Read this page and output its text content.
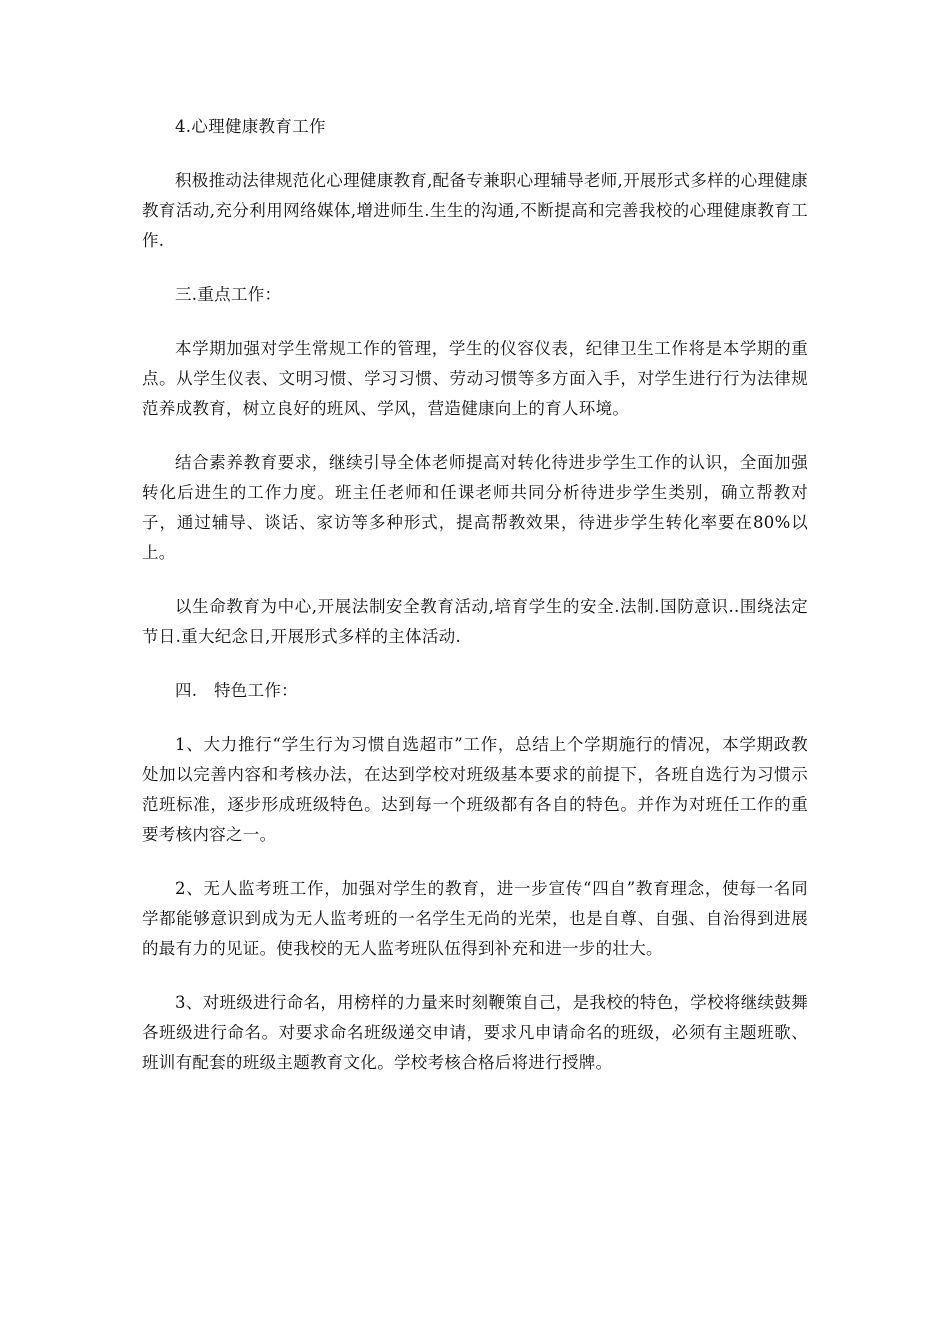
4.心理健康教育工作

积极推动法律规范化心理健康教育,配备专兼职心理辅导老师,开展形式多样的心理健康教育活动,充分利用网络媒体,增进师生.生生的沟通,不断提高和完善我校的心理健康教育工作.

三.重点工作：

本学期加强对学生常规工作的管理，学生的仪容仪表，纪律卫生工作将是本学期的重点。从学生仪表、文明习惯、学习习惯、劳动习惯等多方面入手，对学生进行行为法律规范养成教育，树立良好的班风、学风，营造健康向上的育人环境。

结合素养教育要求，继续引导全体老师提高对转化待进步学生工作的认识，全面加强转化后进生的工作力度。班主任老师和任课老师共同分析待进步学生类别，确立帮教对子，通过辅导、谈话、家访等多种形式，提高帮教效果，待进步学生转化率要在80%以上。

以生命教育为中心,开展法制安全教育活动,培育学生的安全.法制.国防意识..围绕法定节日.重大纪念日,开展形式多样的主体活动.

四.   特色工作：

1、大力推行“学生行为习惯自选超市”工作，总结上个学期施行的情况，本学期政教处加以完善内容和考核办法，在达到学校对班级基本要求的前提下，各班自选行为习惯示范班标准，逐步形成班级特色。达到每一个班级都有各自的特色。并作为对班任工作的重要考核内容之一。

2、无人监考班工作，加强对学生的教育，进一步宣传“四自”教育理念，使每一名同学都能够意识到成为无人监考班的一名学生无尚的光荣，也是自尊、自强、自治得到进展的最有力的见证。使我校的无人监考班队伍得到补充和进一步的壮大。

3、对班级进行命名，用榜样的力量来时刻鞭策自己，是我校的特色，学校将继续鼓舞各班级进行命名。对要求命名班级递交申请，要求凡申请命名的班级，必须有主题班歌、班训有配套的班级主题教育文化。学校考核合格后将进行授牌。
